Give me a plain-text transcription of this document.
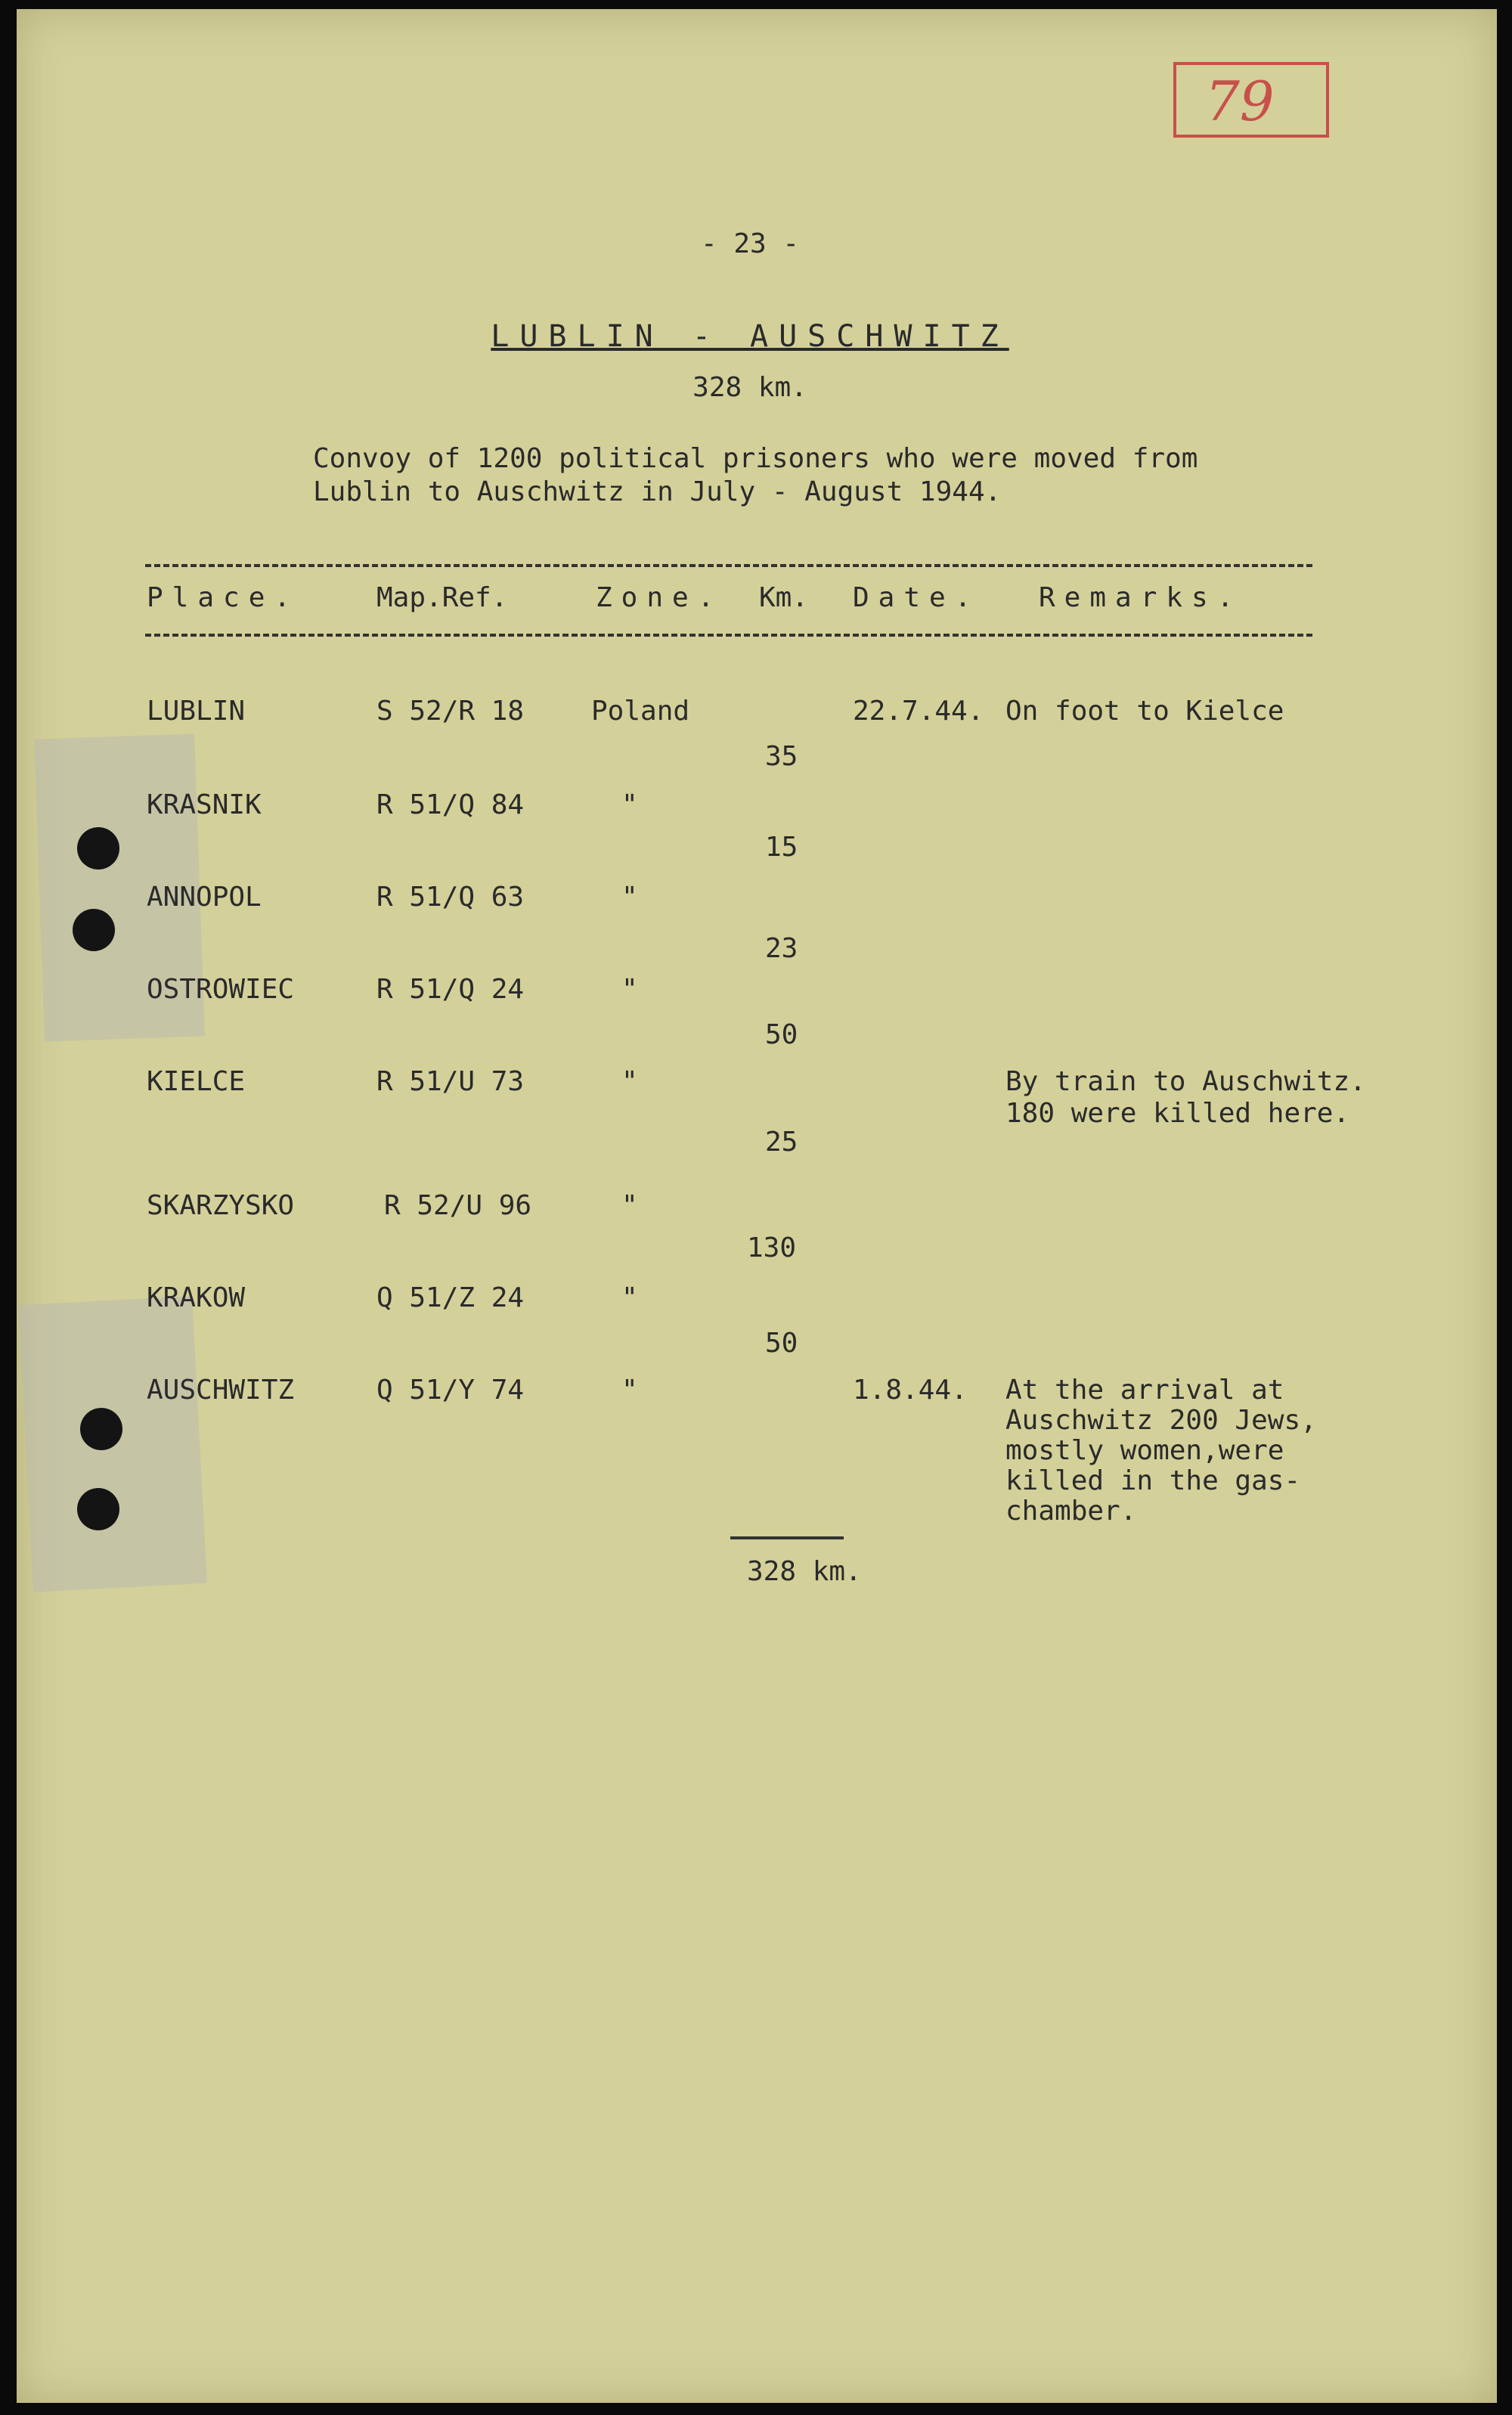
79
- 23 -
LUBLIN - AUSCHWITZ
328 km.
Convoy of 1200 political prisoners who were moved from
Lublin to Auschwitz in July - August 1944.
Place.	Map.Ref.	Zone. Km. Date. Remarks.
LUBLIN	S 52/R 18 Poland	22.7.44. On foot to Kielce
35
KRASNIK	R 51/Q 84	"
15
ANNOPOL	R 51/Q 63	"
23
OSTROWIEC	R 51/Q 24	"
50
KIELCE	R 51/U 73	"	By train to Auschwitz.
180 were killed here.
25
SKARZYSKO	R 52/U 96	"
130
KRAKOW	Q 51/Z 24	"
50
AUSCHWITZ	Q 51/Y 74	"	1.8.44. At the arrival at
Auschwitz 200 Jews,
mostly women,were
killed in the gas-
chamber.
328 km.
